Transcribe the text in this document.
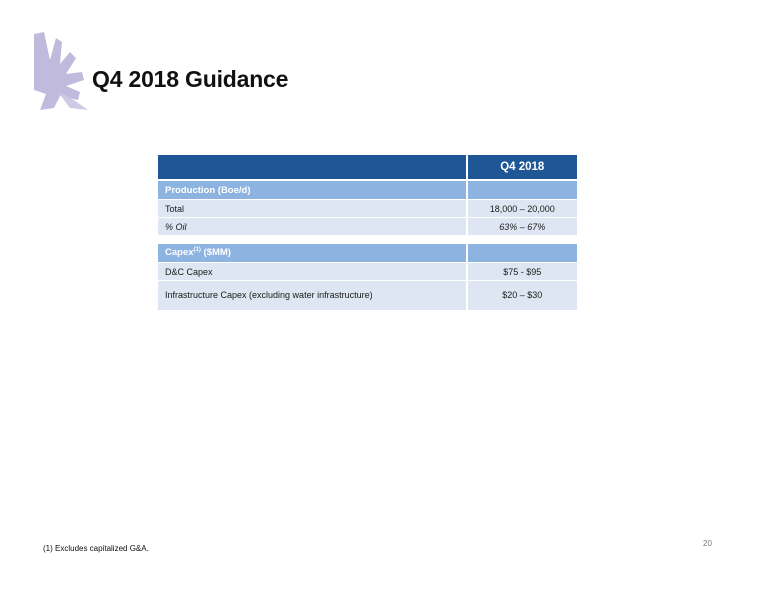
Q4 2018 Guidance
	Q4 2018
Production (Boe/d)	
Total	18,000 – 20,000
% Oil	63% – 67%

Capex$^{(1)}$ ($MM)	
D&C Capex	$75 - $95
Infrastructure Capex (excluding water infrastructure)	$20 – $30
20
(1) Excludes capitalized G&A.
